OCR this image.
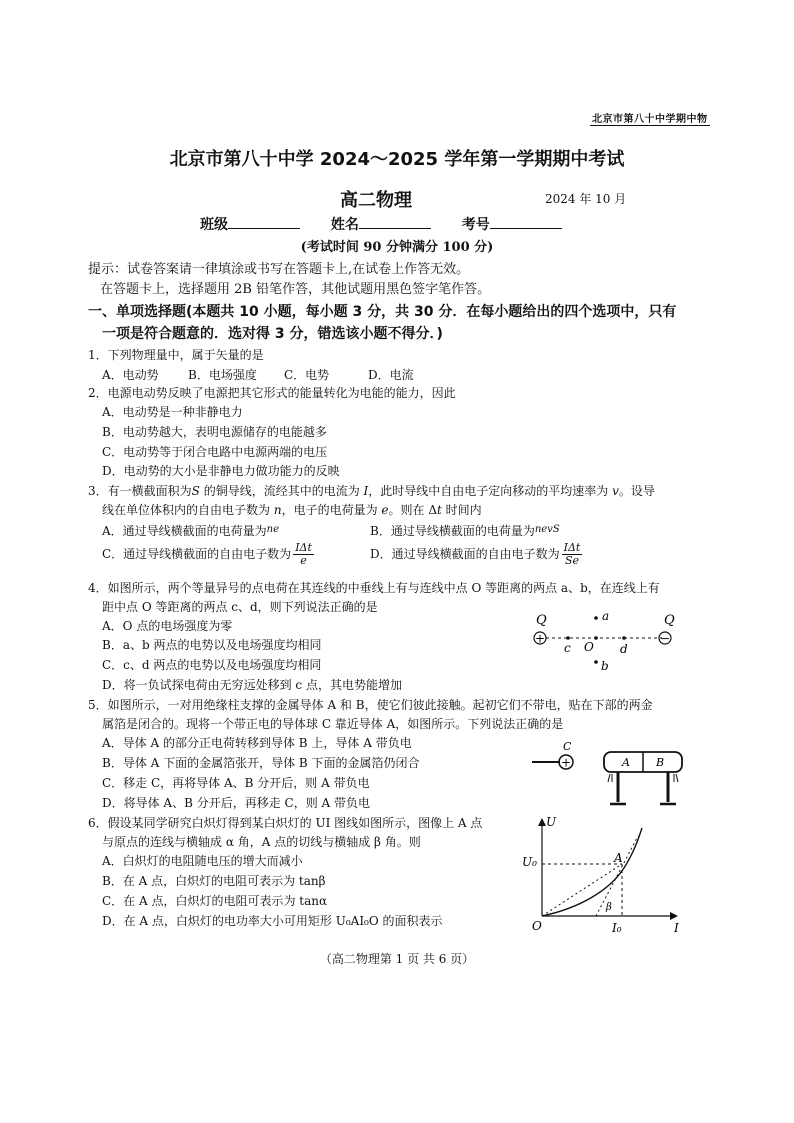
北京市第八十中学期中物
北京市第八十中学 2024～2025 学年第一学期期中考试
高二物理	2024 年 10 月
班级	姓名	考号
(考试时间 90 分钟满分 100 分)
提示：试卷答案请一律填涂或书写在答题卡上,在试卷上作答无效。
在答题卡上，选择题用 2B 铅笔作答，其他试题用黑色签字笔作答。
一、单项选择题(本题共 10 小题，每小题 3 分，共 30 分．在每小题给出的四个选项中，只有
一项是符合题意的．选对得 3 分，错选该小题不得分．)
1．下列物理量中，属于矢量的是
A．电动势 B．电场强度 C．电势	D．电流
2．电源电动势反映了电源把其它形式的能量转化为电能的能力，因此
A．电动势是一种非静电力
B．电动势越大，表明电源储存的电能越多
C．电动势等于闭合电路中电源两端的电压
D．电动势的大小是非静电力做功能力的反映
3．有一横截面积为S 的铜导线，流经其中的电流为 I，此时导线中自由电子定向移动的平均速率为 v。设导
线在单位体积内的自由电子数为 n，电子的电荷量为 e。则在 Δt 时间内
A．通过导线横截面的电荷量为$^{ne}$	B．通过导线横截面的电荷量为$^{nevS}$
C．通过导线横截面的自由电子数为 $\frac{\text{IΔt}}{e}$	D．通过导线横截面的自由电子数为 $\frac{\text{IΔt}}{Se}$
4．如图所示，两个等量异号的点电荷在其连线的中垂线上有与连线中点 O 等距离的两点 a、b，在连线上有
距中点 O 等距离的两点 c、d，则下列说法正确的是
A．O 点的电场强度为零
B．a、b 两点的电势以及电场强度均相同
C．c、d 两点的电势以及电场强度均相同
D．将一负试探电荷由无穷远处移到 c 点，其电势能增加
Q	Q
+	−
a
b
c	d
O
5．如图所示，一对用绝缘柱支撑的金属导体 A 和 B，使它们彼此接触。起初它们不带电，贴在下部的两金
属箔是闭合的。现将一个带正电的导体球 C 靠近导体 A，如图所示。下列说法正确的是
A．导体 A 的部分正电荷转移到导体 B 上，导体 A 带负电
B．导体 A 下面的金属箔张开，导体 B 下面的金属箔仍闭合
C．移走 C，再将导体 A、B 分开后，则 A 带负电
D．将导体 A、B 分开后，再移走 C，则 A 带负电
+
C
A B
6．假设某同学研究白炽灯得到某白炽灯的 UI 图线如图所示，图像上 A 点
与原点的连线与横轴成 α 角，A 点的切线与横轴成 β 角。则
A．白炽灯的电阻随电压的增大而减小
B．在 A 点，白炽灯的电阻可表示为 tanβ
C．在 A 点，白炽灯的电阻可表示为 tanα
D．在 A 点，白炽灯的电功率大小可用矩形 U₀AI₀O 的面积表示
U
I
O
U₀
I₀
A
β
（高二物理第 1 页 共 6 页）
